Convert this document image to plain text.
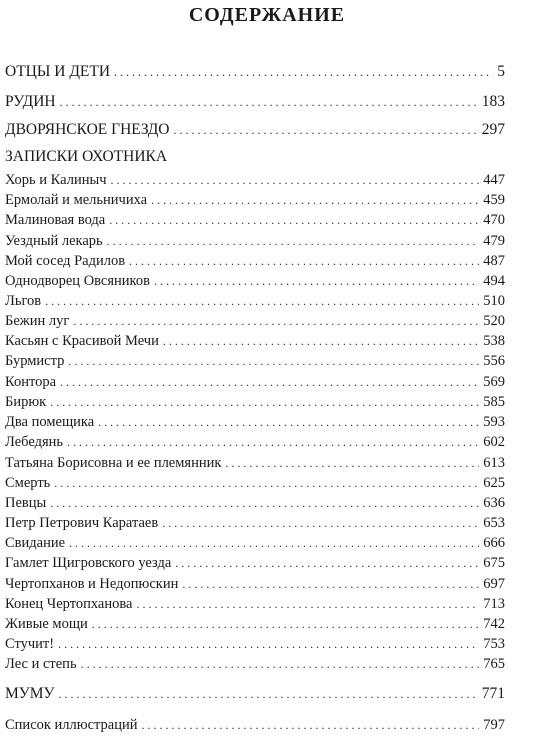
СОДЕРЖАНИЕ
ОТЦЫ И ДЕТИ . . .	5
РУДИН . . .	183
ДВОРЯНСКОЕ ГНЕЗДО . . .	297
ЗАПИСКИ ОХОТНИКА
Хорь и Калиныч . . .	447
Ермолай и мельничиха . . .	459
Малиновая вода . . .	470
Уездный лекарь . . .	479
Мой сосед Радилов . . .	487
Однодворец Овсяников . . .	494
Льгов . . .	510
Бежин луг . . .	520
Касьян с Красивой Мечи . . .	538
Бурмистр . . .	556
Контора . . .	569
Бирюк . . .	585
Два помещика . . .	593
Лебедянь . . .	602
Татьяна Борисовна и ее племянник . . .	613
Смерть . . .	625
Певцы . . .	636
Петр Петрович Каратаев . . .	653
Свидание . . .	666
Гамлет Щигровского уезда . . .	675
Чертопханов и Недопюскин . . .	697
Конец Чертопханова . . .	713
Живые мощи . . .	742
Стучит! . . .	753
Лес и степь . . .	765
МУМУ . . .	771
Список иллюстраций . . .	797
